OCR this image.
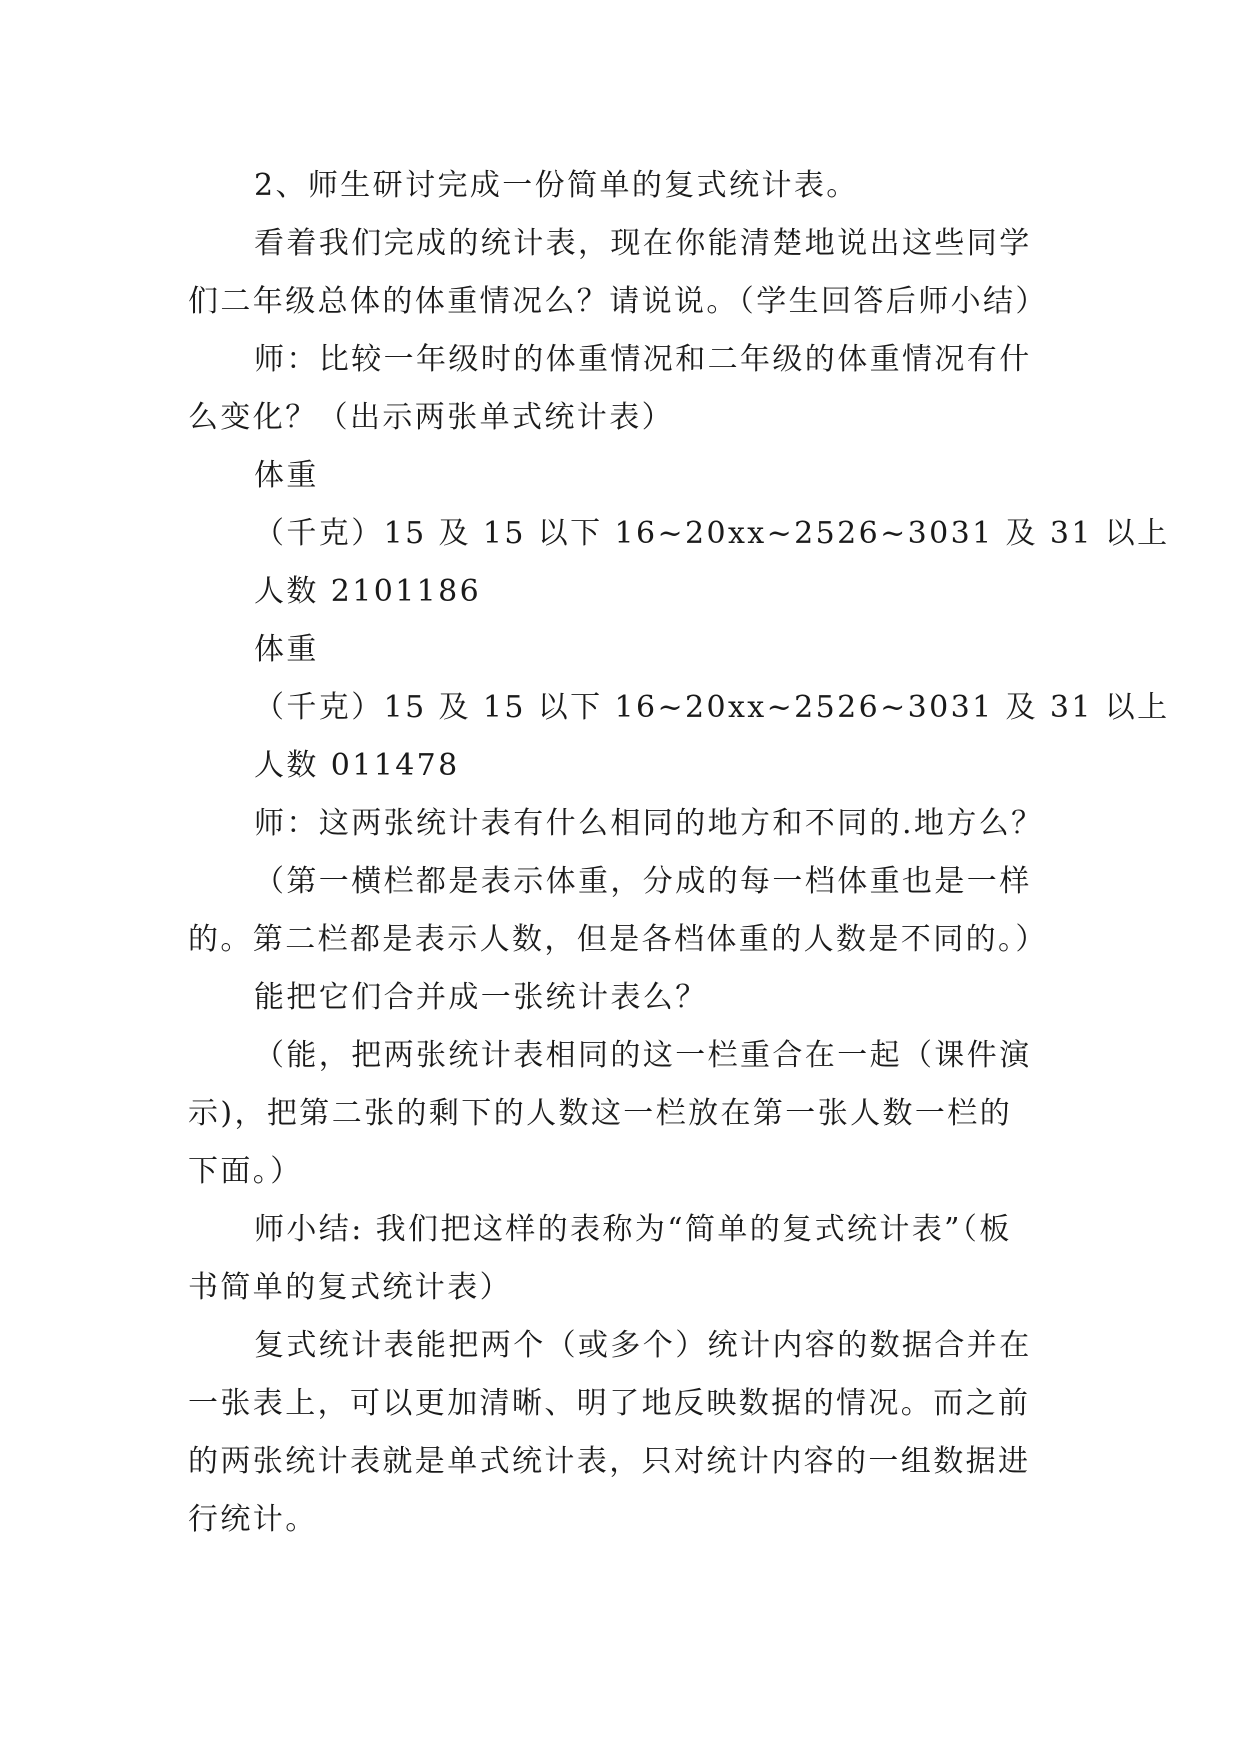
2、师生研讨完成一份简单的复式统计表。

看着我们完成的统计表，现在你能清楚地说出这些同学

们二年级总体的体重情况么？请说说。（学生回答后师小结）

师：比较一年级时的体重情况和二年级的体重情况有什

么变化？（出示两张单式统计表）

体重

（千克）15 及 15 以下 16~20xx~2526~3031 及 31 以上

人数 2101186

体重

（千克）15 及 15 以下 16~20xx~2526~3031 及 31 以上

人数 011478

师：这两张统计表有什么相同的地方和不同的.地方么？

（第一横栏都是表示体重，分成的每一档体重也是一样

的。第二栏都是表示人数，但是各档体重的人数是不同的。）

能把它们合并成一张统计表么？

（能，把两张统计表相同的这一栏重合在一起（课件演

示)，把第二张的剩下的人数这一栏放在第一张人数一栏的

下面。）

师小结: 我们把这样的表称为“简单的复式统计表”（板

书简单的复式统计表）

复式统计表能把两个（或多个）统计内容的数据合并在

一张表上，可以更加清晰、明了地反映数据的情况。而之前

的两张统计表就是单式统计表，只对统计内容的一组数据进

行统计。
